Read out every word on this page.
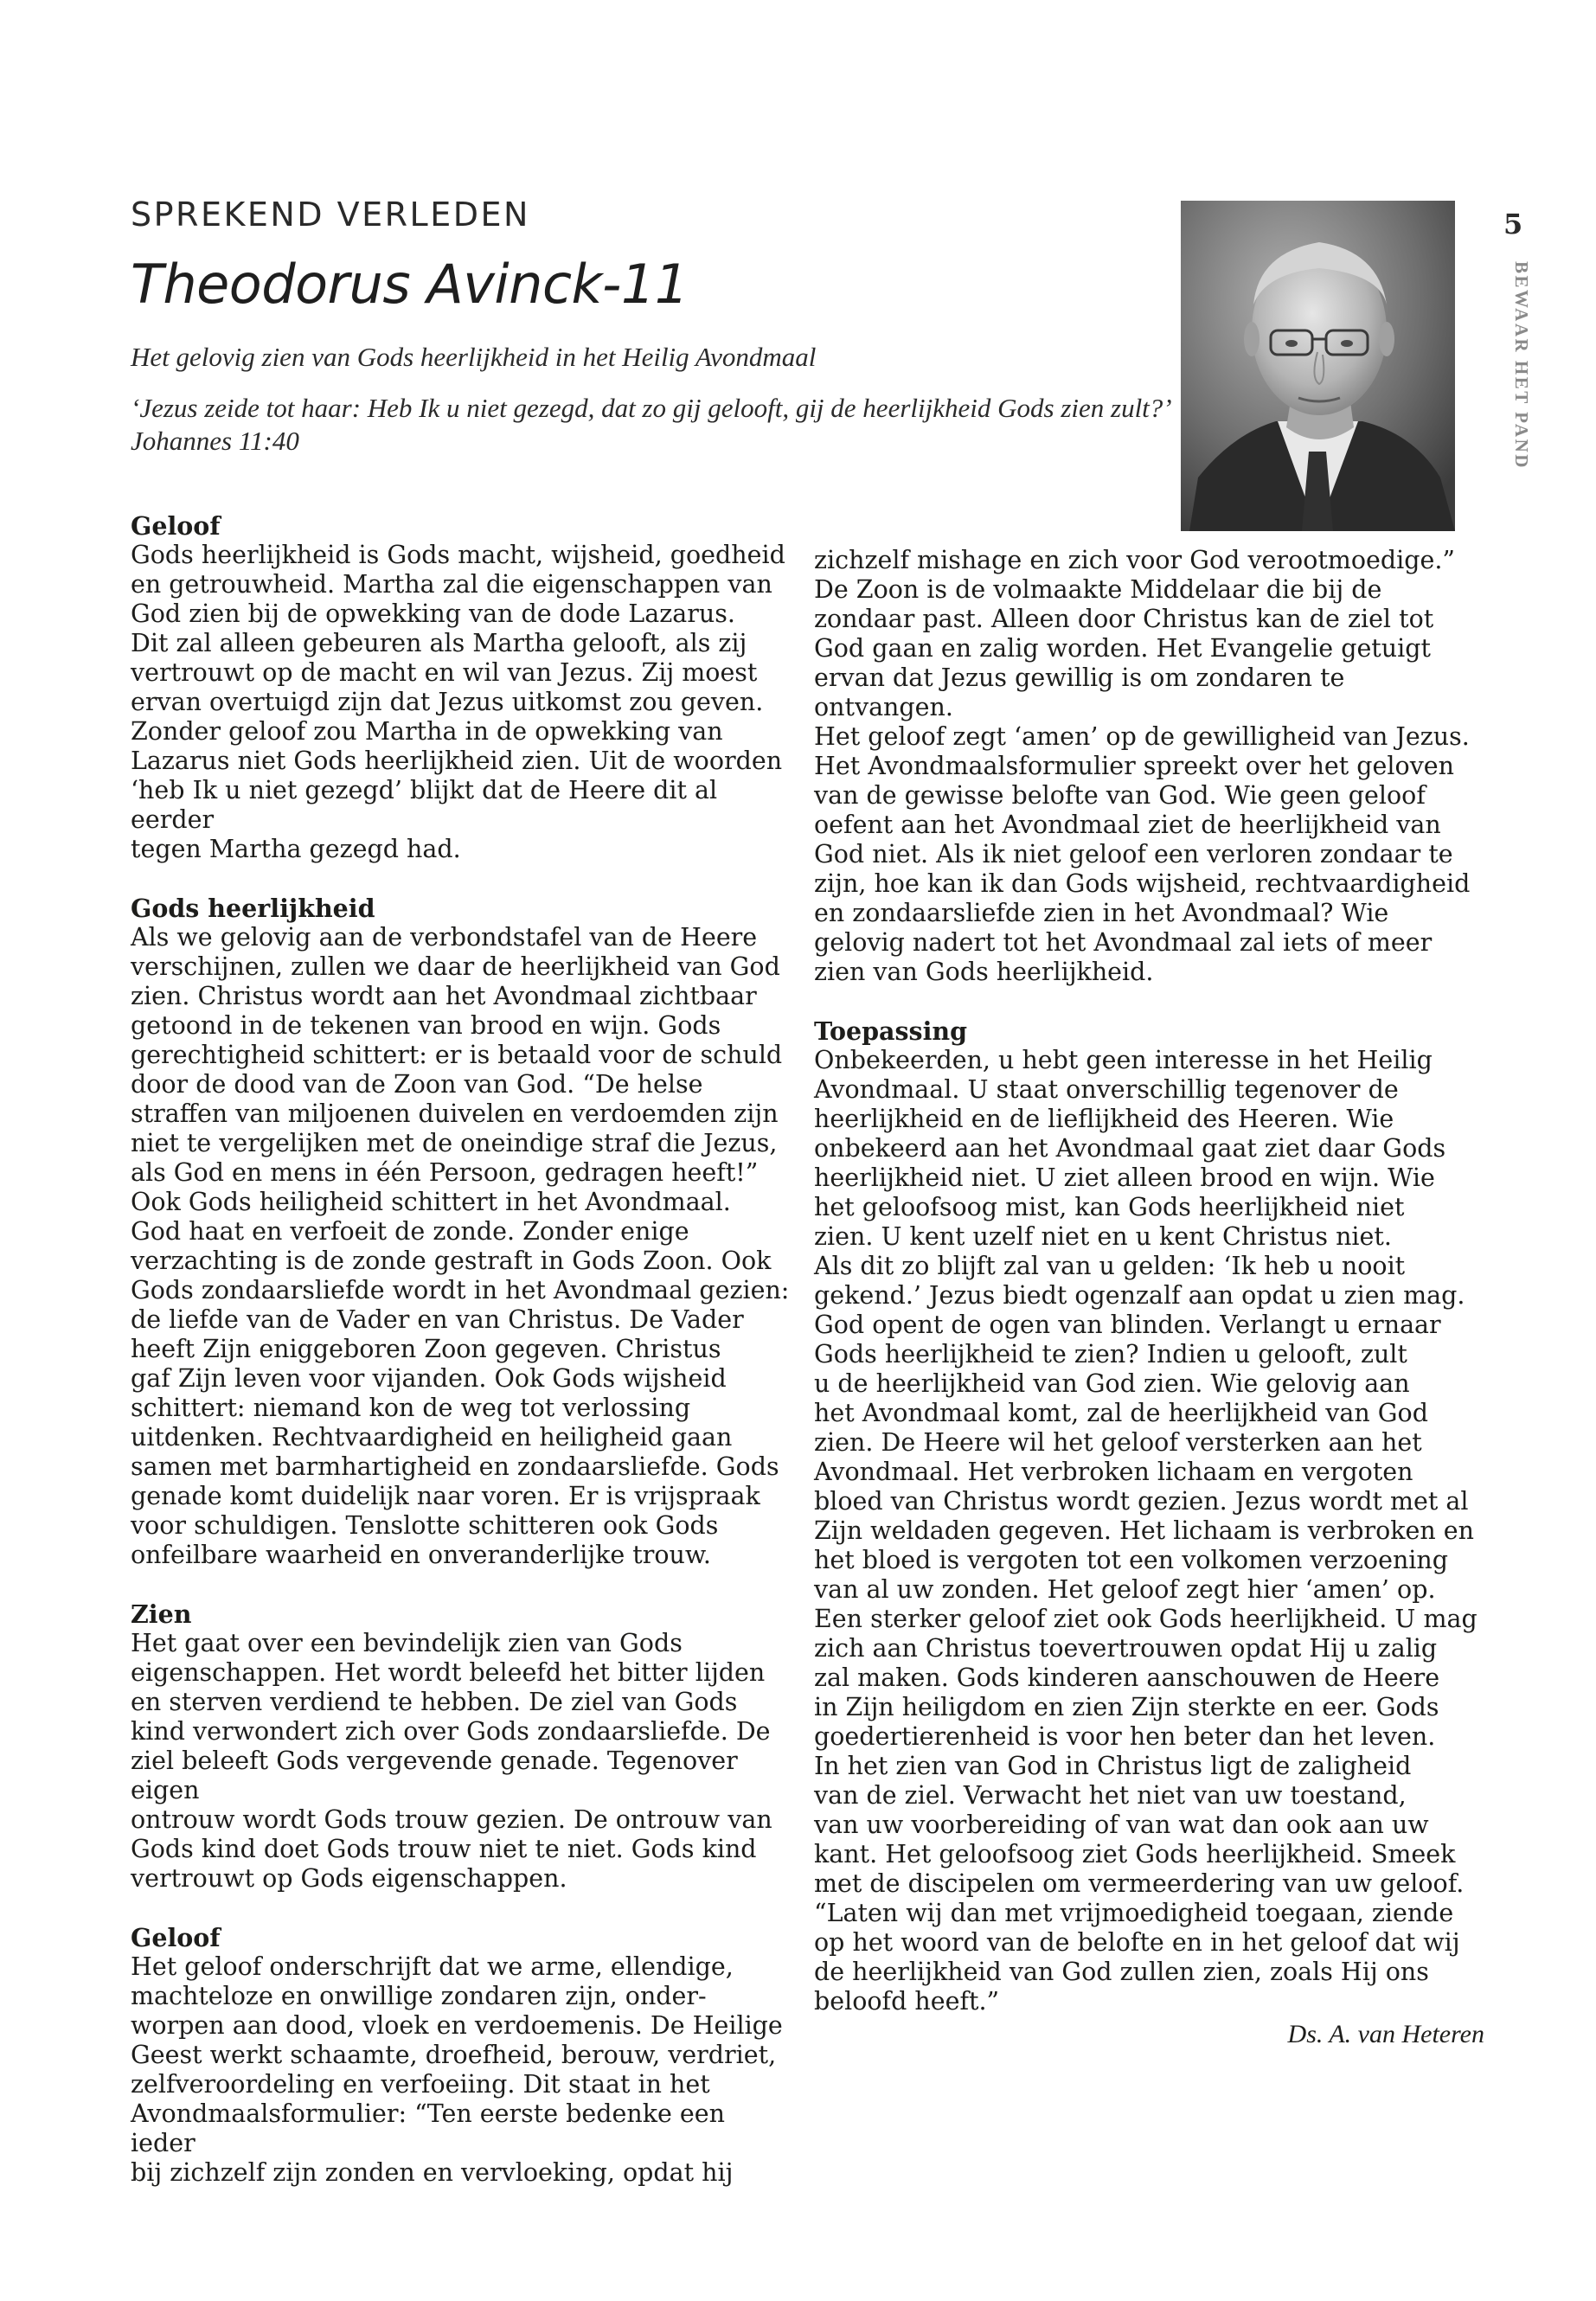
SPREKEND VERLEDEN
Theodorus Avinck-11
Het gelovig zien van Gods heerlijkheid in het Heilig Avondmaal
‘Jezus zeide tot haar: Heb Ik u niet gezegd, dat zo gij gelooft, gij de heerlijkheid Gods zien zult?’ Johannes 11:40
5
BEWAAR HET PAND
Geloof

Gods heerlijkheid is Gods macht, wijsheid, goedheid
en getrouwheid. Martha zal die eigenschappen van
God zien bij de opwekking van de dode Lazarus.
Dit zal alleen gebeuren als Martha gelooft, als zij
vertrouwt op de macht en wil van Jezus. Zij moest
ervan overtuigd zijn dat Jezus uitkomst zou geven.
Zonder geloof zou Martha in de opwekking van
Lazarus niet Gods heerlijkheid zien. Uit de woorden
‘heb Ik u niet gezegd’ blijkt dat de Heere dit al eerder
tegen Martha gezegd had.

Gods heerlijkheid

Als we gelovig aan de verbondstafel van de Heere
verschijnen, zullen we daar de heerlijkheid van God
zien. Christus wordt aan het Avondmaal zichtbaar
getoond in de tekenen van brood en wijn. Gods
gerechtigheid schittert: er is betaald voor de schuld
door de dood van de Zoon van God. “De helse
straffen van miljoenen duivelen en verdoemden zijn
niet te vergelijken met de oneindige straf die Jezus,
als God en mens in één Persoon, gedragen heeft!”
Ook Gods heiligheid schittert in het Avondmaal.
God haat en verfoeit de zonde. Zonder enige
verzachting is de zonde gestraft in Gods Zoon. Ook
Gods zondaarsliefde wordt in het Avondmaal gezien:
de liefde van de Vader en van Christus. De Vader
heeft Zijn eniggeboren Zoon gegeven. Christus
gaf Zijn leven voor vijanden. Ook Gods wijsheid
schittert: niemand kon de weg tot verlossing
uitdenken. Rechtvaardigheid en heiligheid gaan
samen met barmhartigheid en zondaarsliefde. Gods
genade komt duidelijk naar voren. Er is vrijspraak
voor schuldigen. Tenslotte schitteren ook Gods
onfeilbare waarheid en onveranderlijke trouw.

Zien

Het gaat over een bevindelijk zien van Gods
eigenschappen. Het wordt beleefd het bitter lijden
en sterven verdiend te hebben. De ziel van Gods
kind verwondert zich over Gods zondaarsliefde. De
ziel beleeft Gods vergevende genade. Tegenover eigen
ontrouw wordt Gods trouw gezien. De ontrouw van
Gods kind doet Gods trouw niet te niet. Gods kind
vertrouwt op Gods eigenschappen.

Geloof

Het geloof onderschrijft dat we arme, ellendige,
machteloze en onwillige zondaren zijn, onder-
worpen aan dood, vloek en verdoemenis. De Heilige
Geest werkt schaamte, droefheid, berouw, verdriet,
zelfveroordeling en verfoeiing. Dit staat in het
Avondmaalsformulier: “Ten eerste bedenke een ieder
bij zichzelf zijn zonden en vervloeking, opdat hij

zichzelf mishage en zich voor God verootmoedige.”
De Zoon is de volmaakte Middelaar die bij de
zondaar past. Alleen door Christus kan de ziel tot
God gaan en zalig worden. Het Evangelie getuigt
ervan dat Jezus gewillig is om zondaren te ontvangen.
Het geloof zegt ‘amen’ op de gewilligheid van Jezus.
Het Avondmaalsformulier spreekt over het geloven
van de gewisse belofte van God. Wie geen geloof
oefent aan het Avondmaal ziet de heerlijkheid van
God niet. Als ik niet geloof een verloren zondaar te
zijn, hoe kan ik dan Gods wijsheid, rechtvaardigheid
en zondaarsliefde zien in het Avondmaal? Wie
gelovig nadert tot het Avondmaal zal iets of meer
zien van Gods heerlijkheid.

Toepassing

Onbekeerden, u hebt geen interesse in het Heilig
Avondmaal. U staat onverschillig tegenover de
heerlijkheid en de lieflijkheid des Heeren. Wie
onbekeerd aan het Avondmaal gaat ziet daar Gods
heerlijkheid niet. U ziet alleen brood en wijn. Wie
het geloofsoog mist, kan Gods heerlijkheid niet
zien. U kent uzelf niet en u kent Christus niet.
Als dit zo blijft zal van u gelden: ‘Ik heb u nooit
gekend.’ Jezus biedt ogenzalf aan opdat u zien mag.
God opent de ogen van blinden. Verlangt u ernaar
Gods heerlijkheid te zien? Indien u gelooft, zult
u de heerlijkheid van God zien. Wie gelovig aan
het Avondmaal komt, zal de heerlijkheid van God
zien. De Heere wil het geloof versterken aan het
Avondmaal. Het verbroken lichaam en vergoten
bloed van Christus wordt gezien. Jezus wordt met al
Zijn weldaden gegeven. Het lichaam is verbroken en
het bloed is vergoten tot een volkomen verzoening
van al uw zonden. Het geloof zegt hier ‘amen’ op.
Een sterker geloof ziet ook Gods heerlijkheid. U mag
zich aan Christus toevertrouwen opdat Hij u zalig
zal maken. Gods kinderen aanschouwen de Heere
in Zijn heiligdom en zien Zijn sterkte en eer. Gods
goedertierenheid is voor hen beter dan het leven.
In het zien van God in Christus ligt de zaligheid
van de ziel. Verwacht het niet van uw toestand,
van uw voorbereiding of van wat dan ook aan uw
kant. Het geloofsoog ziet Gods heerlijkheid. Smeek
met de discipelen om vermeerdering van uw geloof.
“Laten wij dan met vrijmoedigheid toegaan, ziende
op het woord van de belofte en in het geloof dat wij
de heerlijkheid van God zullen zien, zoals Hij ons
beloofd heeft.”

Ds. A. van Heteren
